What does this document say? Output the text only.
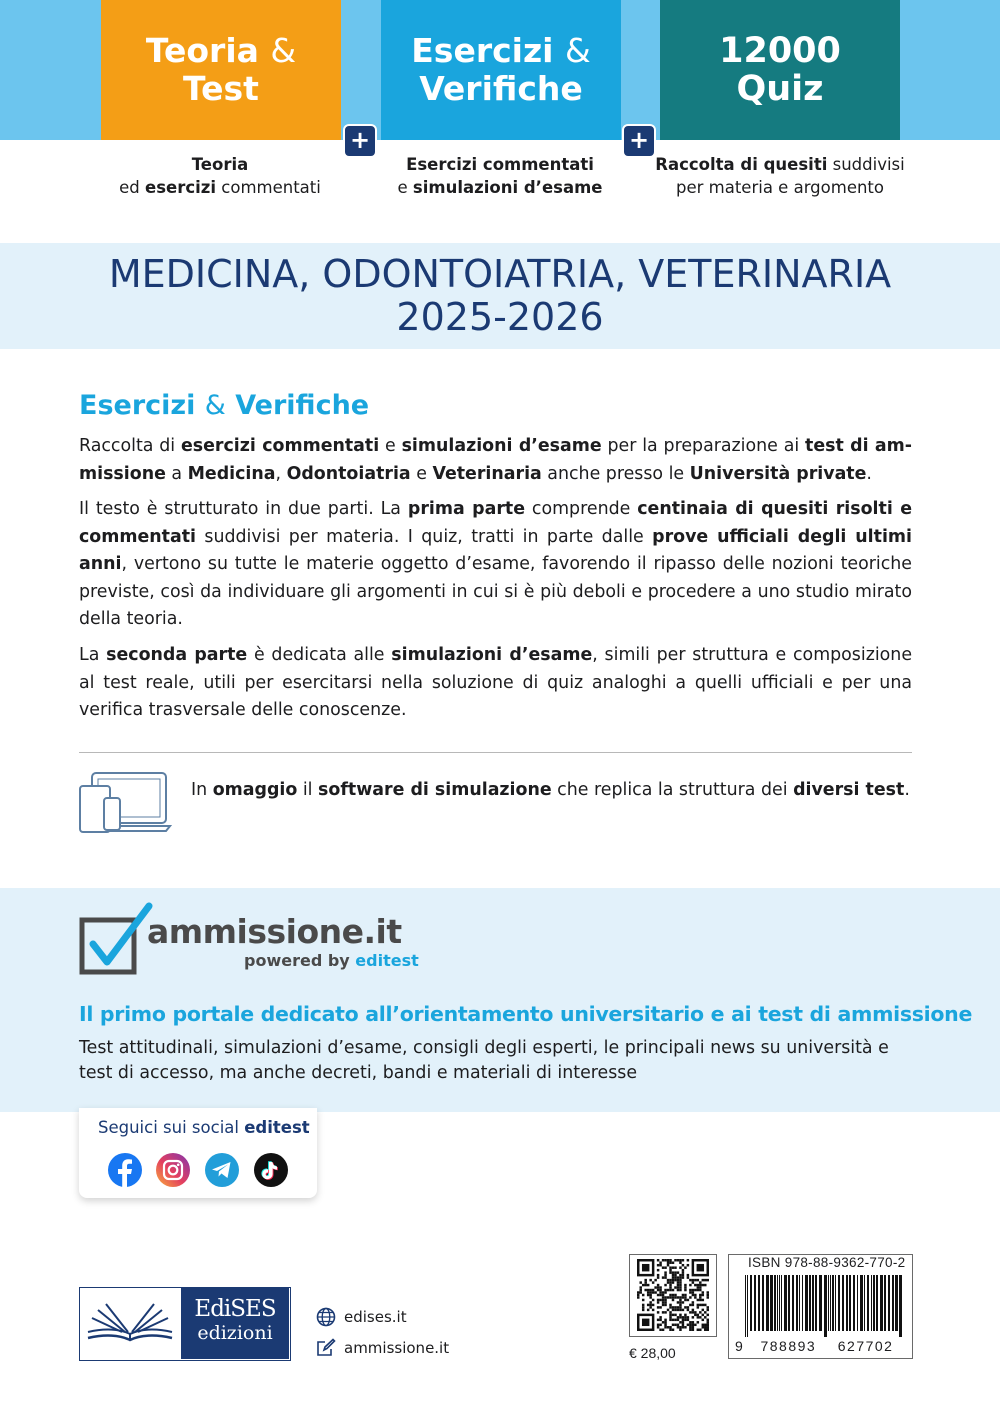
Teoria &
Test
Esercizi &
Verifiche
12000
Quiz
+	+
Teoria
ed esercizi commentati
Esercizi commentati
e simulazioni d’esame
Raccolta di quesiti suddivisi
per materia e argomento
MEDICINA, ODONTOIATRIA, VETERINARIA
2025-2026
Esercizi & Verifiche

Raccolta di esercizi commentati e simulazioni d’esame per la preparazione ai test di ammissione a Medicina, Odontoiatria e Veterinaria anche presso le Università private.

Il testo è strutturato in due parti. La prima parte comprende centinaia di quesiti risolti e commentati suddivisi per materia. I quiz, tratti in parte dalle prove ufficiali degli ultimi anni, vertono su tutte le materie oggetto d’esame, favorendo il ripasso delle nozioni teoriche previste, così da individuare gli argomenti in cui si è più deboli e procedere a uno studio mirato della teoria.

La seconda parte è dedicata alle simulazioni d’esame, simili per struttura e composizione al test reale, utili per esercitarsi nella soluzione di quiz analoghi a quelli ufficiali e per una verifica trasversale delle conoscenze.

In omaggio il software di simulazione che replica la struttura dei diversi test.
ammissione.it
powered by editest
Il primo portale dedicato all’orientamento universitario e ai test di ammissione

Test attitudinali, simulazioni d’esame, consigli degli esperti, le principali news su università e test di accesso, ma anche decreti, bandi e materiali di interesse

Seguici sui social editest
EdiSES
edizioni
edises.it
ammissione.it	€ 28,00
ISBN 978-88-9362-770-2
9 788893 627702
